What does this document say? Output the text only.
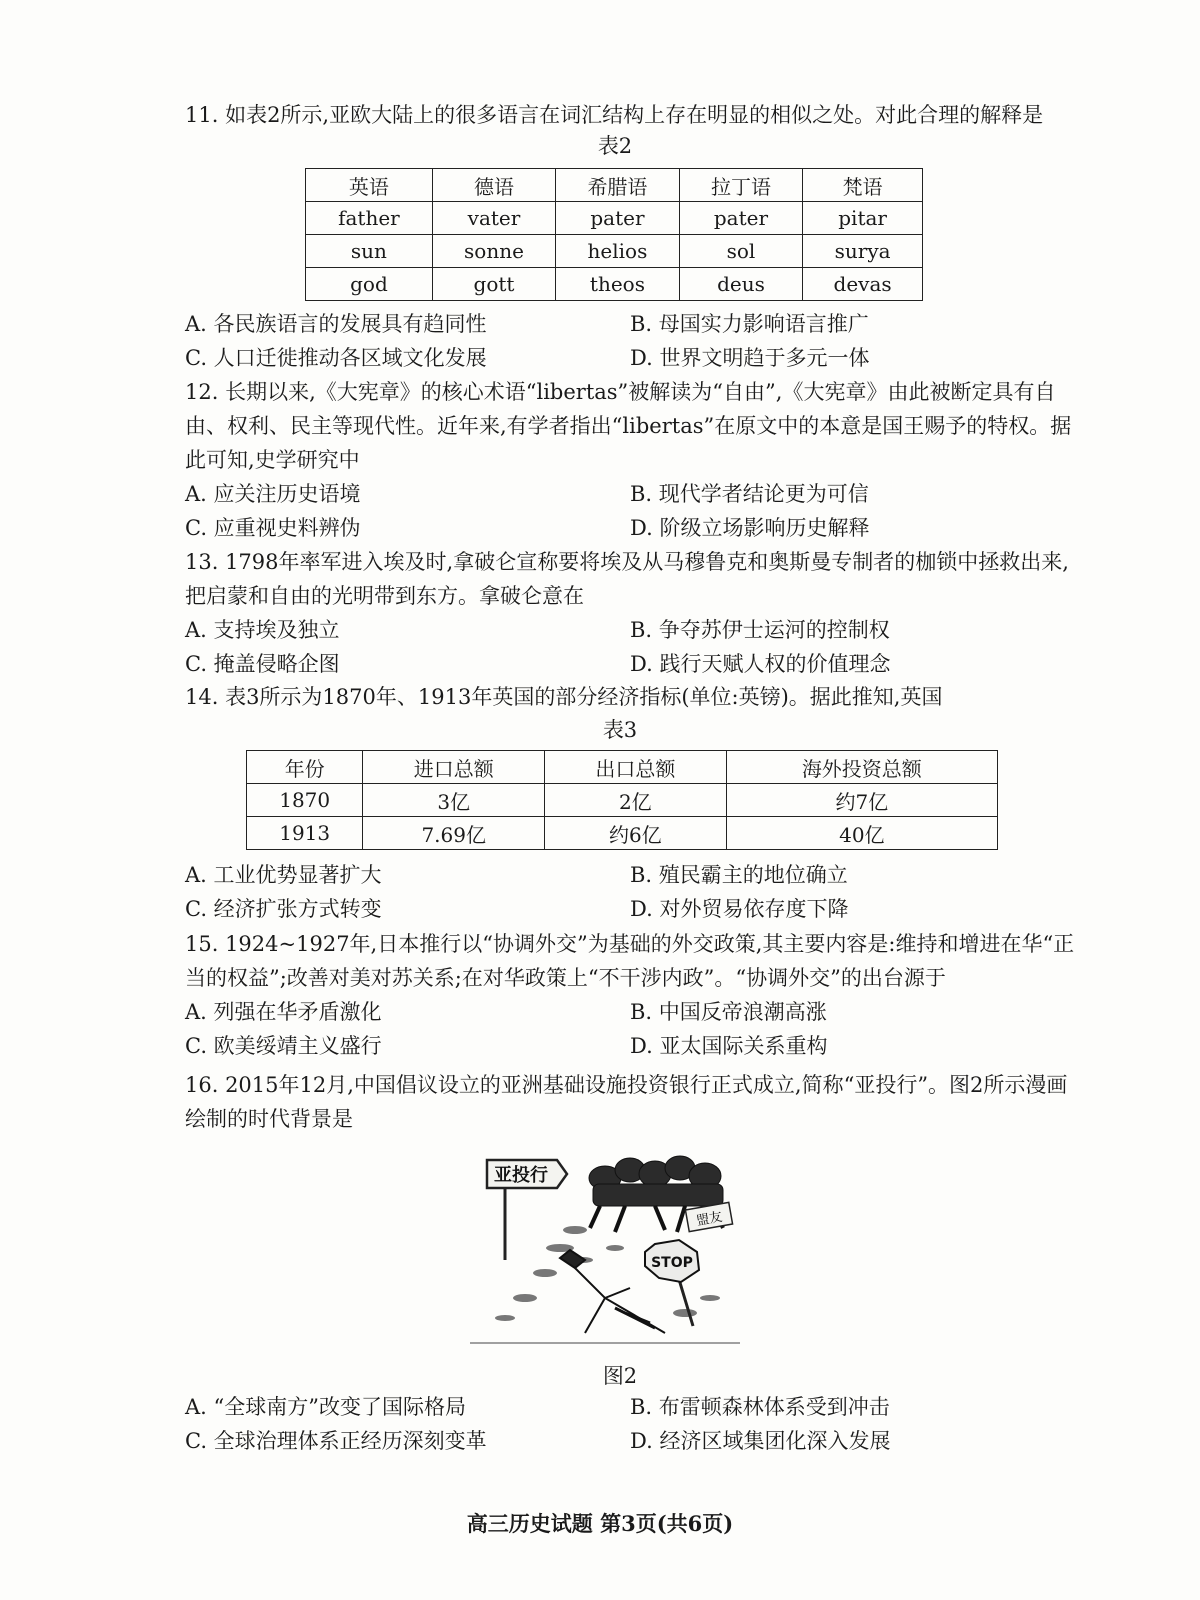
11. 如表2所示,亚欧大陆上的很多语言在词汇结构上存在明显的相似之处。对此合理的解释是
表2
英语	德语	希腊语	拉丁语	梵语
father	vater	pater	pater	pitar
sun	sonne	helios	sol	surya
god	gott	theos	deus	devas
A. 各民族语言的发展具有趋同性	B. 母国实力影响语言推广
C. 人口迁徙推动各区域文化发展	D. 世界文明趋于多元一体
12. 长期以来,《大宪章》的核心术语“libertas”被解读为“自由”,《大宪章》由此被断定具有自由、权利、民主等现代性。近年来,有学者指出“libertas”在原文中的本意是国王赐予的特权。据此可知,史学研究中
A. 应关注历史语境	B. 现代学者结论更为可信
C. 应重视史料辨伪	D. 阶级立场影响历史解释
13. 1798年率军进入埃及时,拿破仑宣称要将埃及从马穆鲁克和奥斯曼专制者的枷锁中拯救出来,把启蒙和自由的光明带到东方。拿破仑意在
A. 支持埃及独立	B. 争夺苏伊士运河的控制权
C. 掩盖侵略企图	D. 践行天赋人权的价值理念
14. 表3所示为1870年、1913年英国的部分经济指标(单位:英镑)。据此推知,英国
表3
年份	进口总额	出口总额	海外投资总额
1870	3亿	2亿	约7亿
1913	7.69亿	约6亿	40亿
A. 工业优势显著扩大	B. 殖民霸主的地位确立
C. 经济扩张方式转变	D. 对外贸易依存度下降
15. 1924~1927年,日本推行以“协调外交”为基础的外交政策,其主要内容是:维持和增进在华“正当的权益”;改善对美对苏关系;在对华政策上“不干涉内政”。“协调外交”的出台源于
A. 列强在华矛盾激化	B. 中国反帝浪潮高涨
C. 欧美绥靖主义盛行	D. 亚太国际关系重构
16. 2015年12月,中国倡议设立的亚洲基础设施投资银行正式成立,简称“亚投行”。图2所示漫画绘制的时代背景是
亚投行
盟友
STOP
图2
A. “全球南方”改变了国际格局	B. 布雷顿森林体系受到冲击
C. 全球治理体系正经历深刻变革	D. 经济区域集团化深入发展
高三历史试题 第3页(共6页)
